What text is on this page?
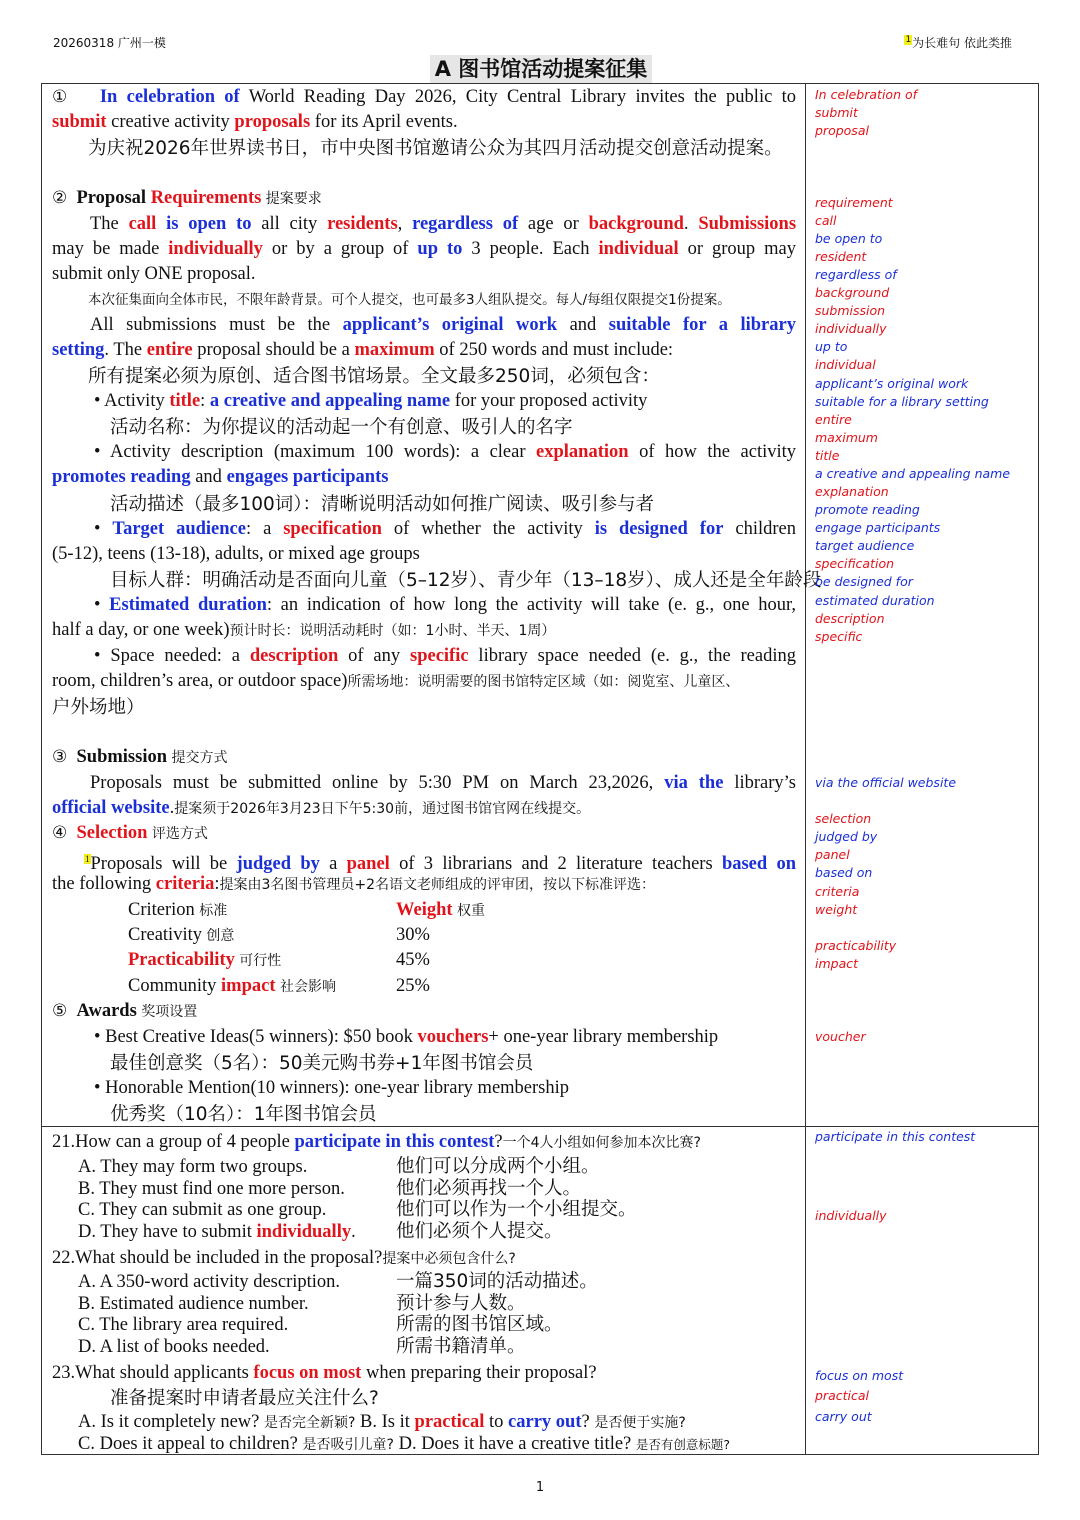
20260318 广州一模	$^1$为长难句 依此类推
A 图书馆活动提案征集
① In celebration of World Reading Day 2026, City Central Library invites the public to
submit creative activity proposals for its April events.
为庆祝2026年世界读书日，市中央图书馆邀请公众为其四月活动提交创意活动提案。
② Proposal Requirements 提案要求
The call is open to all city residents, regardless of age or background. Submissions
may be made individually or by a group of up to 3 people. Each individual or group may
submit only ONE proposal.
本次征集面向全体市民，不限年龄背景。可个人提交，也可最多3人组队提交。每人/每组仅限提交1份提案。
All submissions must be the applicant’s original work and suitable for a library
setting. The entire proposal should be a maximum of 250 words and must include:
所有提案必须为原创、适合图书馆场景。全文最多250词，必须包含：
• Activity title: a creative and appealing name for your proposed activity
活动名称：为你提议的活动起一个有创意、吸引人的名字
• Activity description (maximum 100 words): a clear explanation of how the activity
promotes reading and engages participants
活动描述（最多100词）：清晰说明活动如何推广阅读、吸引参与者
• Target audience: a specification of whether the activity is designed for children
(5-12), teens (13-18), adults, or mixed age groups
目标人群：明确活动是否面向儿童（5–12岁）、青少年（13–18岁）、成人还是全年龄段
• Estimated duration: an indication of how long the activity will take (e. g., one hour,
half a day, or one week)预计时长：说明活动耗时（如：1小时、半天、1周）
• Space needed: a description of any specific library space needed (e. g., the reading
room, children’s area, or outdoor space)所需场地：说明需要的图书馆特定区域（如：阅览室、儿童区、
户外场地）
③ Submission 提交方式
Proposals must be submitted online by 5:30 PM on March 23,2026, via the library’s
official website.提案须于2026年3月23日下午5:30前，通过图书馆官网在线提交。
④ Selection 评选方式
$^1$Proposals will be judged by a panel of 3 librarians and 2 literature teachers based on
the following criteria:提案由3名图书管理员+2名语文老师组成的评审团，按以下标准评选：
Criterion 标准	Weight 权重
Creativity 创意	30%
Practicability 可行性	45%
Community impact 社会影响	25%
⑤ Awards 奖项设置
• Best Creative Ideas(5 winners): $50 book vouchers+ one-year library membership
最佳创意奖（5名）：50美元购书券+1年图书馆会员
• Honorable Mention(10 winners): one-year library membership
优秀奖（10名）：1年图书馆会员
21.How can a group of 4 people participate in this contest?一个4人小组如何参加本次比赛?
A. They may form two groups.	他们可以分成两个小组。
B. They must find one more person.	他们必须再找一个人。
C. They can submit as one group.	他们可以作为一个小组提交。
D. They have to submit individually. 他们必须个人提交。
22.What should be included in the proposal?提案中必须包含什么?
A. A 350-word activity description.	一篇350词的活动描述。
B. Estimated audience number.	预计参与人数。
C. The library area required.	所需的图书馆区域。
D. A list of books needed.	所需书籍清单。
23.What should applicants focus on most when preparing their proposal?
准备提案时申请者最应关注什么?
A. Is it completely new? 是否完全新颖? B. Is it practical to carry out? 是否便于实施?
C. Does it appeal to children? 是否吸引儿童? D. Does it have a creative title? 是否有创意标题?
In celebration of
submit
proposal
requirement
call
be open to
resident
regardless of
background
submission
individually
up to
individual
applicant’s original work
suitable for a library setting
entire
maximum
title
a creative and appealing name
explanation
promote reading
engage participants
target audience
specification
be designed for
estimated duration
description
specific
via the official website
selection
judged by
panel
based on
criteria
weight
practicability
impact
voucher
participate in this contest
individually
focus on most
practical
carry out
1
